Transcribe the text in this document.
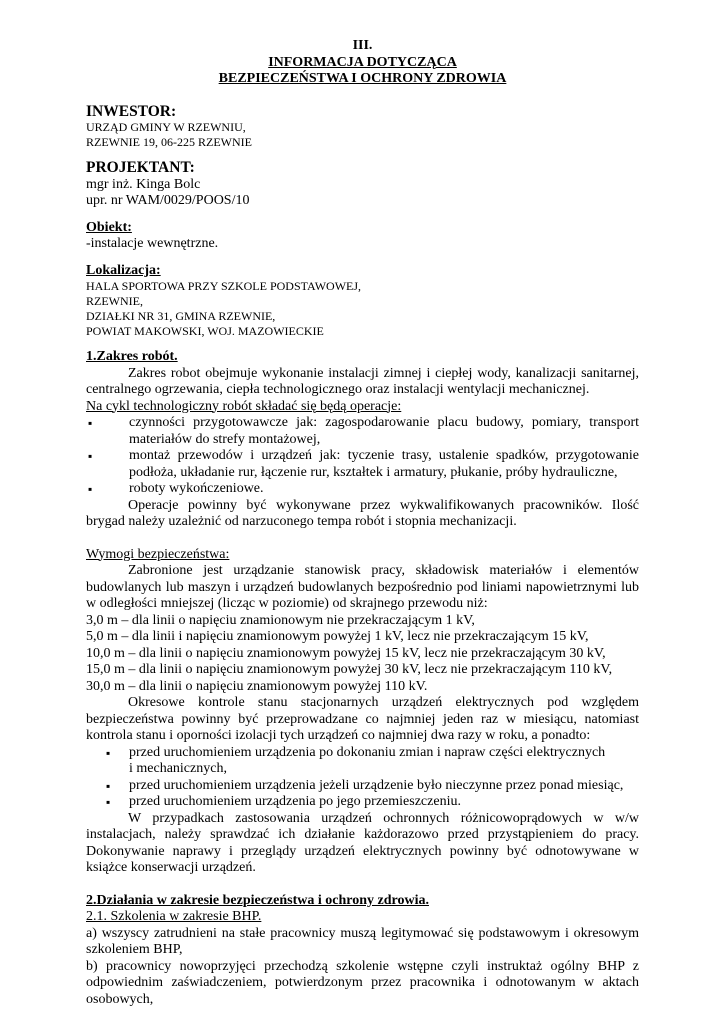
III.
INFORMACJA DOTYCZĄCA
BEZPIECZEŃSTWA I OCHRONY ZDROWIA
INWESTOR:
URZĄD GMINY W RZEWNIU,
RZEWNIE 19, 06-225 RZEWNIE
PROJEKTANT:
mgr inż. Kinga Bolc
upr. nr WAM/0029/POOS/10
Obiekt:
-instalacje wewnętrzne.
Lokalizacja:
HALA SPORTOWA PRZY SZKOLE PODSTAWOWEJ,
RZEWNIE,
DZIAŁKI NR 31, GMINA RZEWNIE,
POWIAT MAKOWSKI, WOJ. MAZOWIECKIE
1.Zakres robót.

Zakres robot obejmuje wykonanie instalacji zimnej i ciepłej wody, kanalizacji sanitarnej, centralnego ogrzewania, ciepła technologicznego oraz instalacji wentylacji mechanicznej.

Na cykl technologiczny robót składać się będą operacje:

▪ czynności przygotowawcze jak: zagospodarowanie placu budowy, pomiary, transport materiałów do strefy montażowej,

▪ montaż przewodów i urządzeń jak: tyczenie trasy, ustalenie spadków, przygotowanie podłoża, układanie rur, łączenie rur, kształtek i armatury, płukanie, próby hydrauliczne,

▪ roboty wykończeniowe.

Operacje powinny być wykonywane przez wykwalifikowanych pracowników. Ilość brygad należy uzależnić od narzuconego tempa robót i stopnia mechanizacji.

Wymogi bezpieczeństwa:

Zabronione jest urządzanie stanowisk pracy, składowisk materiałów i elementów budowlanych lub maszyn i urządzeń budowlanych bezpośrednio pod liniami napowietrznymi lub w odległości mniejszej (licząc w poziomie) od skrajnego przewodu niż:

3,0 m – dla linii o napięciu znamionowym nie przekraczającym 1 kV,
5,0 m – dla linii i napięciu znamionowym powyżej 1 kV, lecz nie przekraczającym 15 kV,
10,0 m – dla linii o napięciu znamionowym powyżej 15 kV, lecz nie przekraczającym 30 kV,
15,0 m – dla linii o napięciu znamionowym powyżej 30 kV, lecz nie przekraczającym 110 kV,
30,0 m – dla linii o napięciu znamionowym powyżej 110 kV.

Okresowe kontrole stanu stacjonarnych urządzeń elektrycznych pod względem bezpieczeństwa powinny być przeprowadzane co najmniej jeden raz w miesiącu, natomiast kontrola stanu i oporności izolacji tych urządzeń co najmniej dwa razy w roku, a ponadto:

▪ przed uruchomieniem urządzenia po dokonaniu zmian i napraw części elektrycznych
i mechanicznych,
▪ przed uruchomieniem urządzenia jeżeli urządzenie było nieczynne przez ponad miesiąc,
▪ przed uruchomieniem urządzenia po jego przemieszczeniu.

W przypadkach zastosowania urządzeń ochronnych różnicowoprądowych w w/w instalacjach, należy sprawdzać ich działanie każdorazowo przed przystąpieniem do pracy. Dokonywanie naprawy i przeglądy urządzeń elektrycznych powinny być odnotowywane w książce konserwacji urządzeń.

2.Działania w zakresie bezpieczeństwa i ochrony zdrowia.
2.1. Szkolenia w zakresie BHP.

a) wszyscy zatrudnieni na stałe pracownicy muszą legitymować się podstawowym i okresowym szkoleniem BHP,

b) pracownicy nowoprzyjęci przechodzą szkolenie wstępne czyli instruktaż ogólny BHP z odpowiednim zaświadczeniem, potwierdzonym przez pracownika i odnotowanym w aktach osobowych,
